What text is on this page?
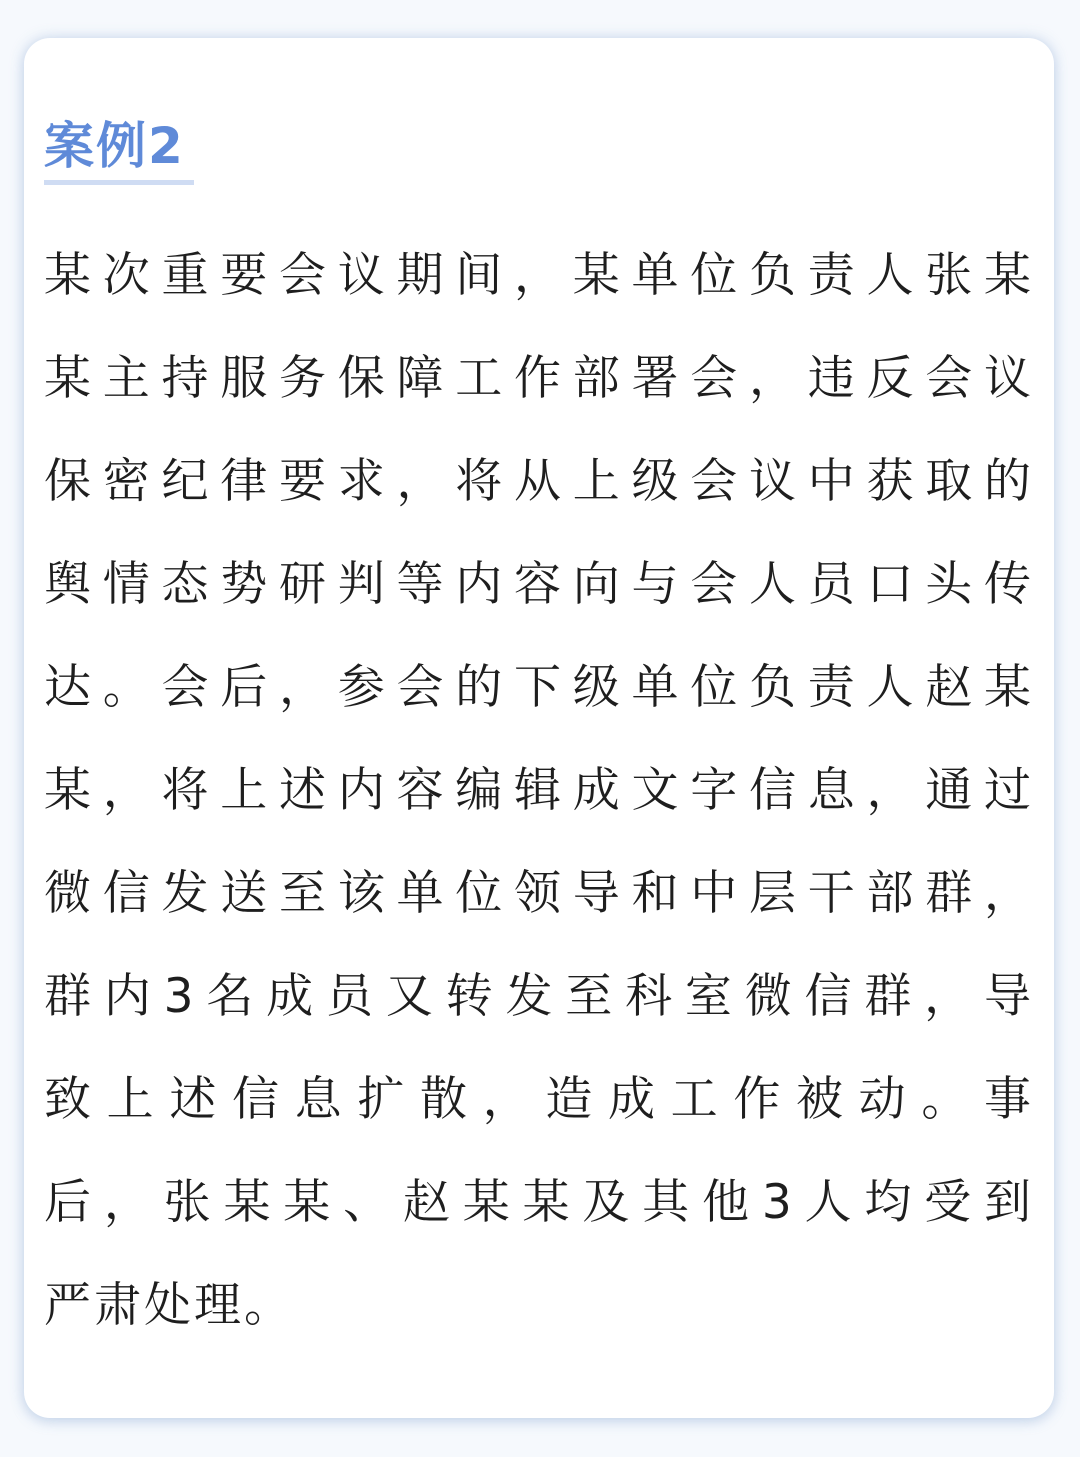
案例2
某次重要会议期间，某单位负责人张某
某主持服务保障工作部署会，违反会议
保密纪律要求，将从上级会议中获取的
舆情态势研判等内容向与会人员口头传
达。会后，参会的下级单位负责人赵某
某，将上述内容编辑成文字信息，通过
微信发送至该单位领导和中层干部群，
群内3名成员又转发至科室微信群，导
致上述信息扩散，造成工作被动。事
后，张某某、赵某某及其他3人均受到
严肃处理。
